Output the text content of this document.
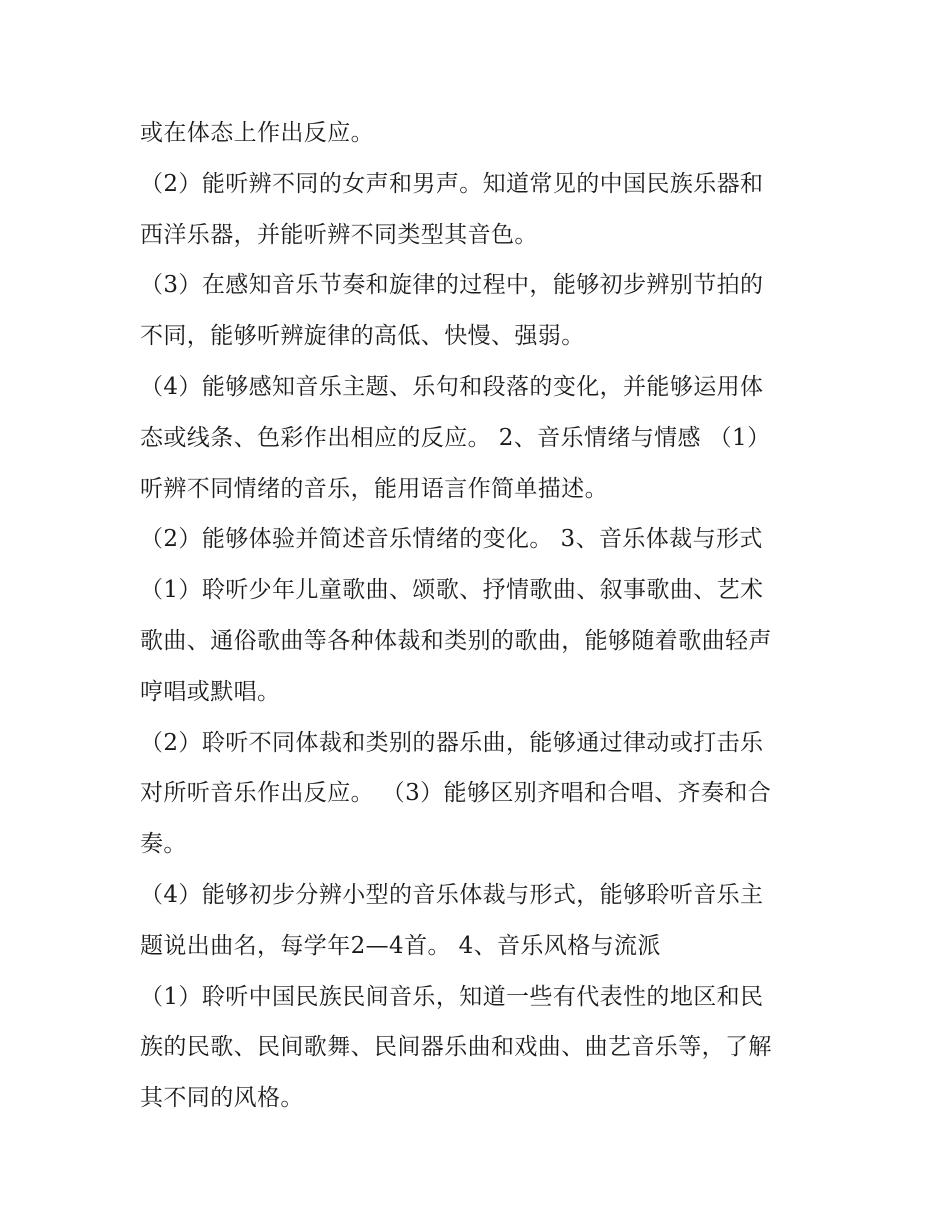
或在体态上作出反应。
（2）能听辨不同的女声和男声。知道常见的中国民族乐器和
西洋乐器，并能听辨不同类型其音色。
（3）在感知音乐节奏和旋律的过程中，能够初步辨别节拍的
不同，能够听辨旋律的高低、快慢、强弱。
（4）能够感知音乐主题、乐句和段落的变化，并能够运用体
态或线条、色彩作出相应的反应。 2、音乐情绪与情感 （1）
听辨不同情绪的音乐，能用语言作简单描述。
（2）能够体验并简述音乐情绪的变化。 3、音乐体裁与形式
（1）聆听少年儿童歌曲、颂歌、抒情歌曲、叙事歌曲、艺术
歌曲、通俗歌曲等各种体裁和类别的歌曲，能够随着歌曲轻声
哼唱或默唱。
（2）聆听不同体裁和类别的器乐曲，能够通过律动或打击乐
对所听音乐作出反应。 （3）能够区别齐唱和合唱、齐奏和合
奏。
（4）能够初步分辨小型的音乐体裁与形式，能够聆听音乐主
题说出曲名，每学年2—4首。 4、音乐风格与流派
（1）聆听中国民族民间音乐，知道一些有代表性的地区和民
族的民歌、民间歌舞、民间器乐曲和戏曲、曲艺音乐等，了解
其不同的风格。
